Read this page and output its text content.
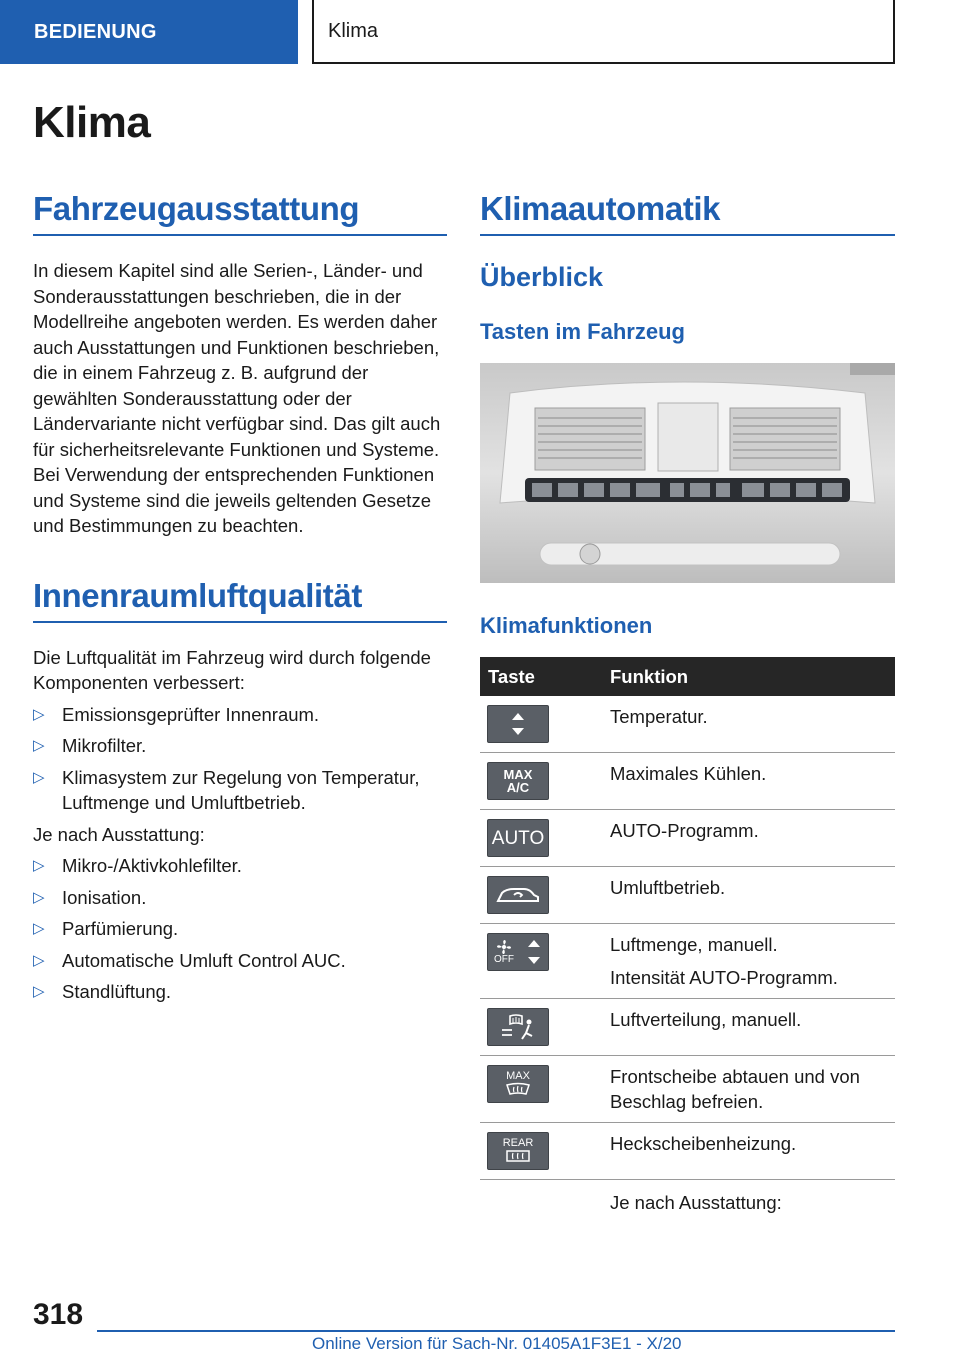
BEDIENUNG	Klima
Klima
Fahrzeugausstattung

In diesem Kapitel sind alle Serien-, Länder- und Sonderausstattungen beschrieben, die in der Modellreihe angeboten werden. Es werden daher auch Ausstattungen und Funktionen beschrieben, die in einem Fahrzeug z. B. aufgrund der gewählten Sonderausstattung oder der Ländervariante nicht verfügbar sind. Das gilt auch für sicherheitsrelevante Funktionen und Systeme. Bei Verwendung der entsprechenden Funktionen und Systeme sind die jeweils geltenden Gesetze und Bestimmungen zu beachten.

Innenraumluftqualität

Die Luftqualität im Fahrzeug wird durch folgende Komponenten verbessert:

▷ Emissionsgeprüfter Innenraum.
▷ Mikrofilter.
▷ Klimasystem zur Regelung von Temperatur, Luftmenge und Umluftbetrieb.

Je nach Ausstattung:

▷ Mikro-/Aktivkohlefilter.
▷ Ionisation.
▷ Parfümierung.
▷ Automatische Umluft Control AUC.
▷ Standlüftung.
Klimaautomatik
Überblick
Tasten im Fahrzeug
Klimafunktionen
Taste	Funktion

	Temperatur.

MAX
A/C	Maximales Kühlen.

AUTO	AUTO-Programm.

	Umluftbetrieb.

OFF	Luftmenge, manuell.
Intensität AUTO-Programm.

	Luftverteilung, manuell.

MAX	Frontscheibe abtauen und von Beschlag befreien.

REAR	Heckscheibenheizung.
	Je nach Ausstattung:
318
Online Version für Sach-Nr. 01405A1F3E1 - X/20
